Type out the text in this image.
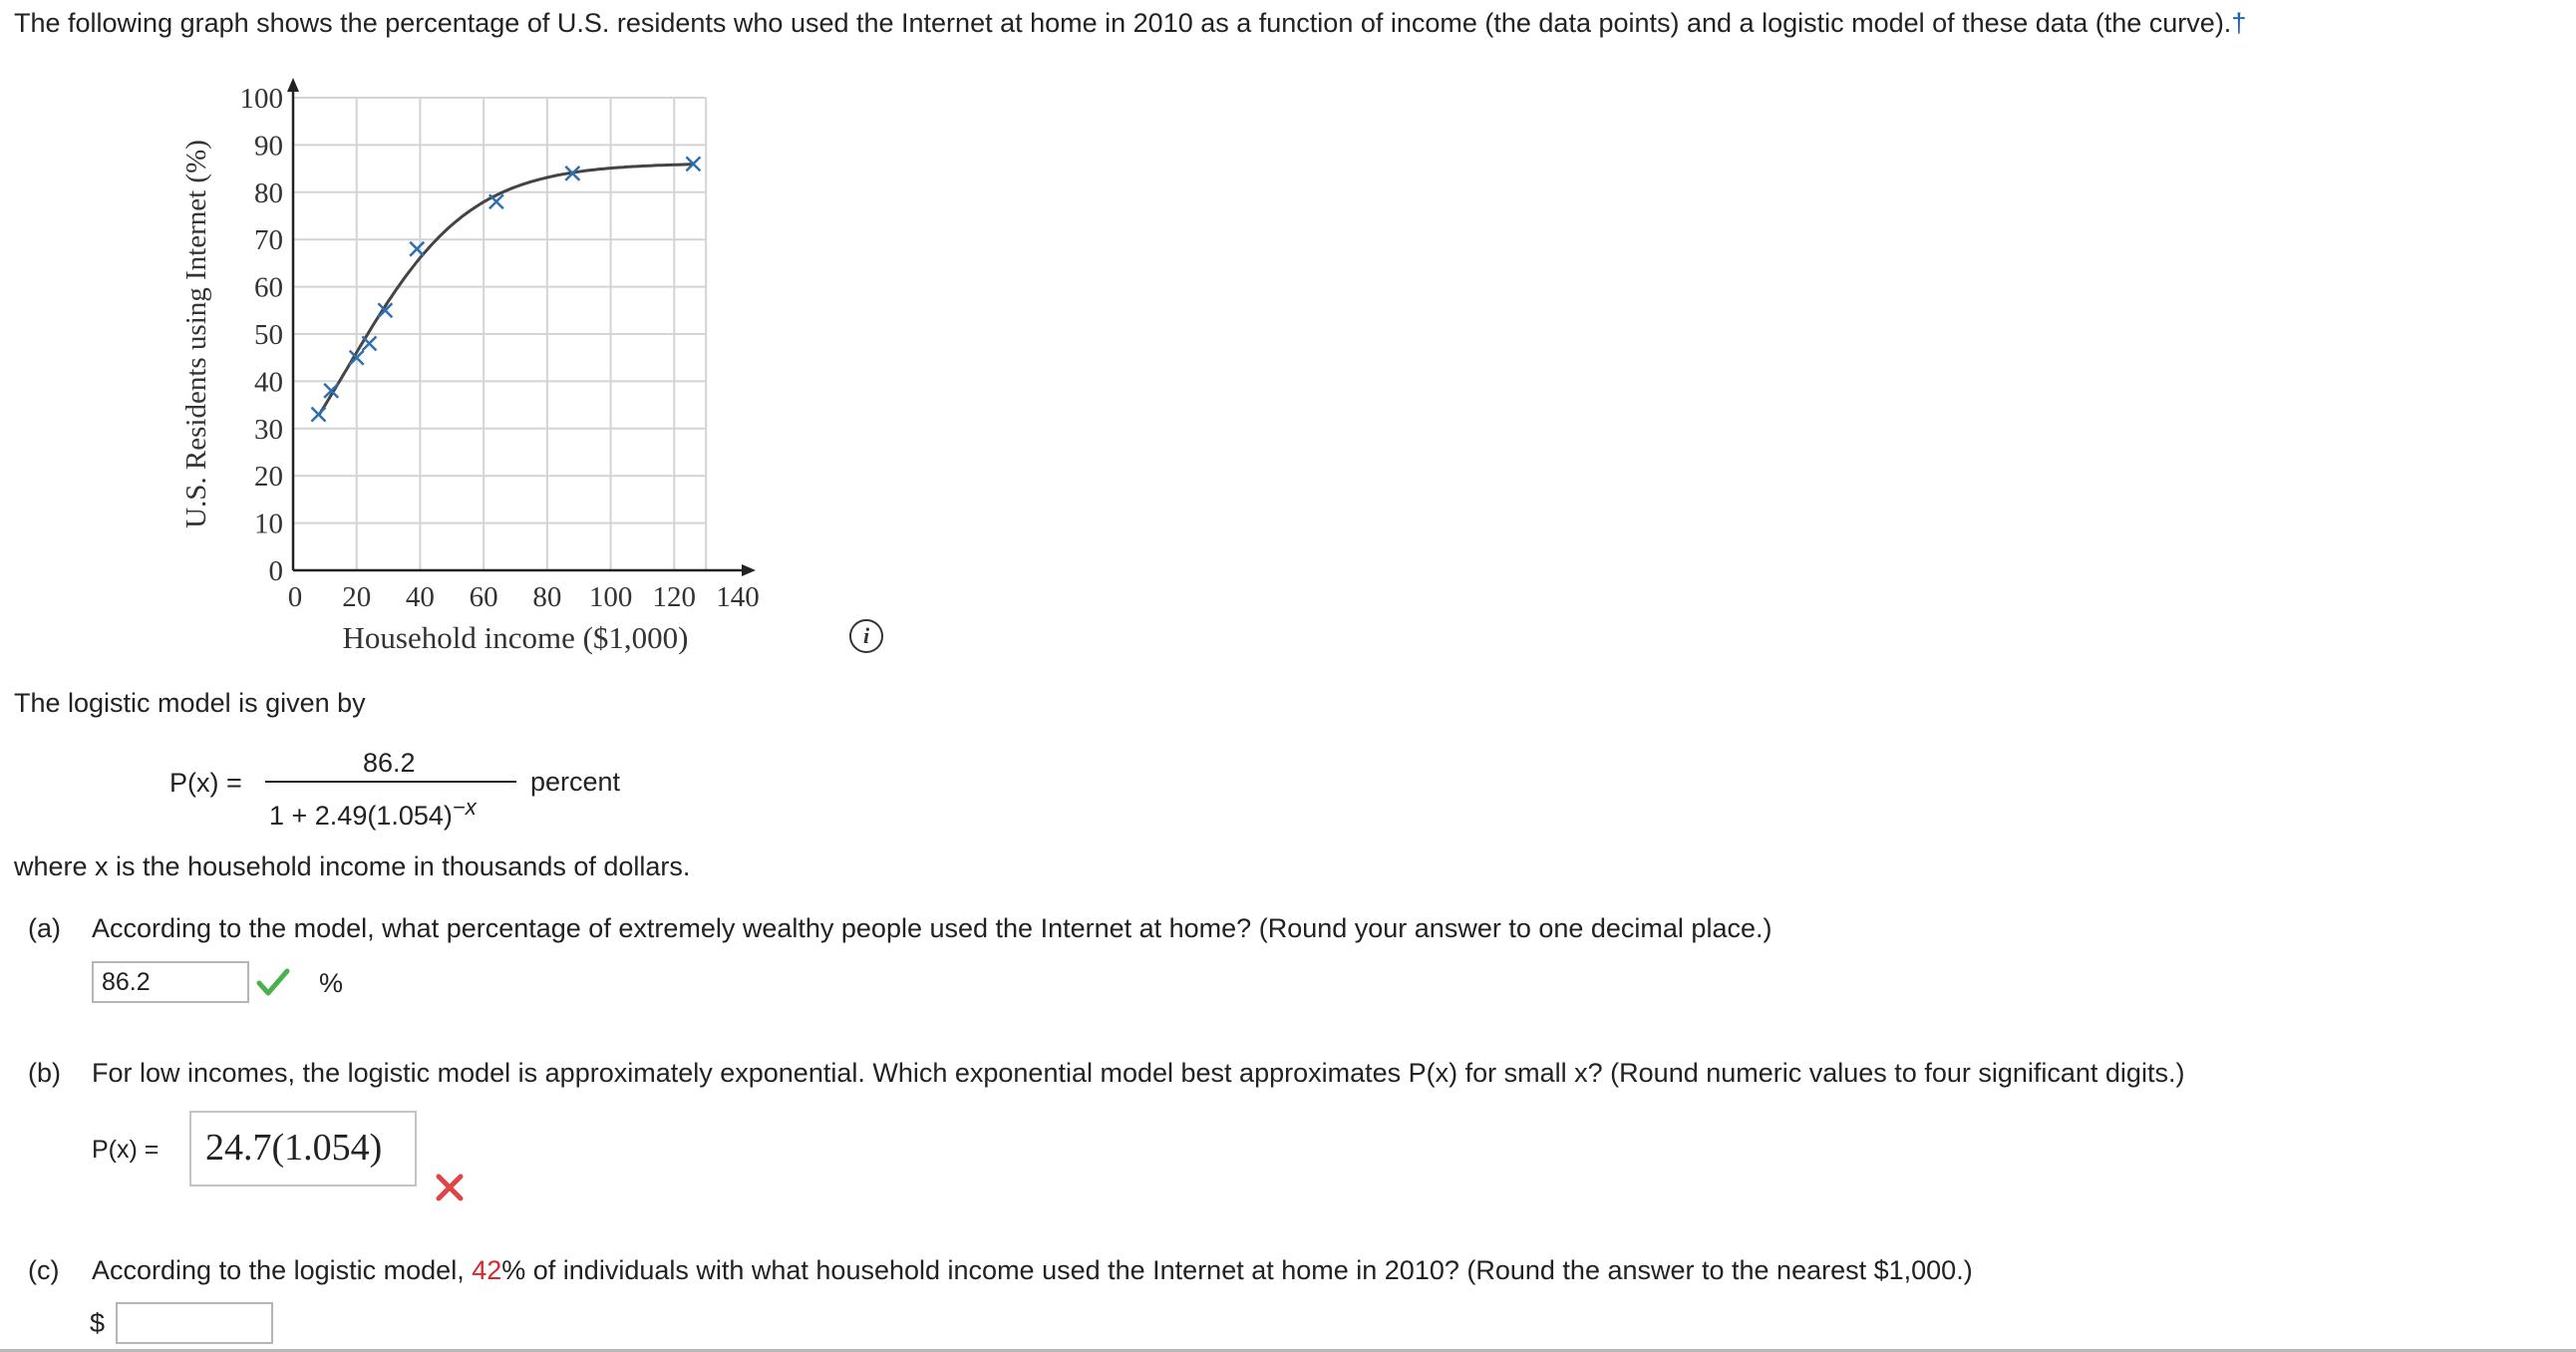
The following graph shows the percentage of U.S. residents who used the Internet at home in 2010 as a function of income (the data points) and a logistic model of these data (the curve).†
0
10
20
30
40
50
60
70
80
90
100
0 20 40 60 80 100 120 140
Household income ($1,000)
U.S. Residents using Internet (%)
i
The logistic model is given by
P(x) =
86.2
$1 + 2.49(1.054)^{-x}$
percent
where x is the household income in thousands of dollars.
(a) According to the model, what percentage of extremely wealthy people used the Internet at home? (Round your answer to one decimal place.)
86.2	%
(b) For low incomes, the logistic model is approximately exponential. Which exponential model best approximates P(x) for small x? (Round numeric values to four significant digits.)
P(x) =	24.7(1.054)
(c) According to the logistic model, 42% of individuals with what household income used the Internet at home in 2010? (Round the answer to the nearest $1,000.)
$
